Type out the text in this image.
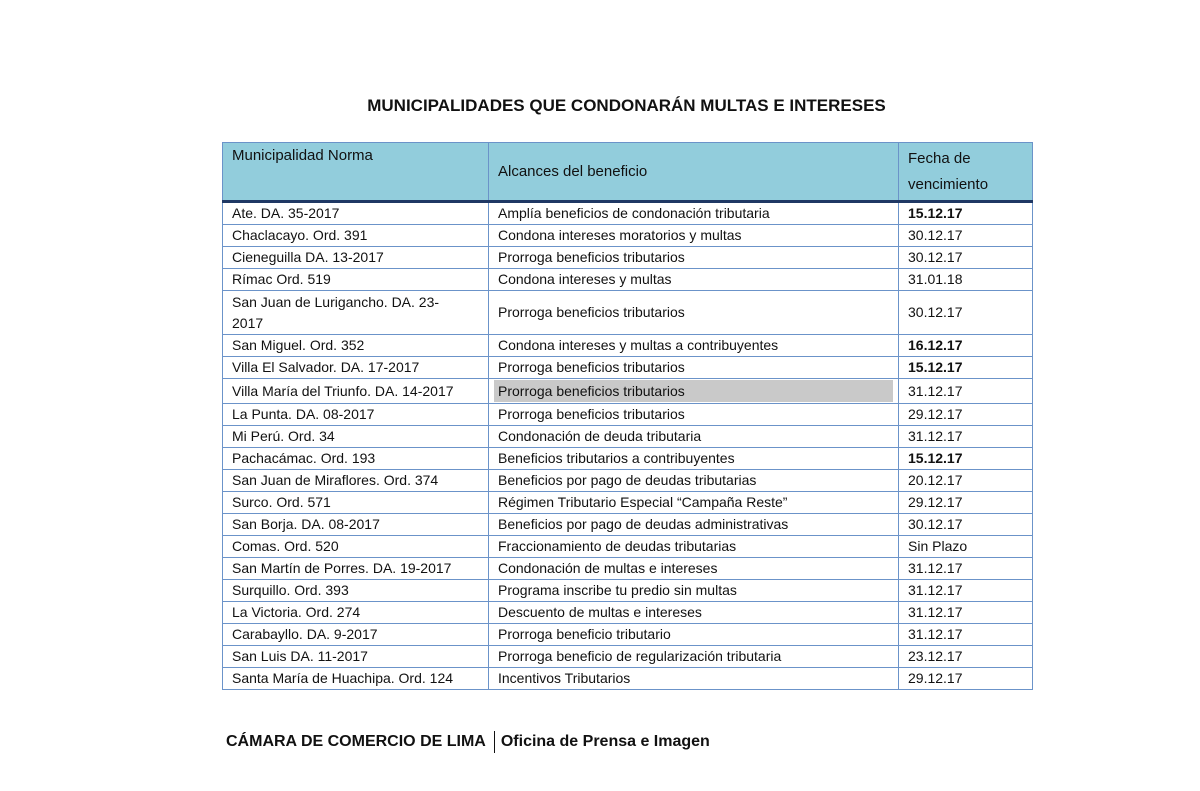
MUNICIPALIDADES QUE CONDONARÁN MULTAS E INTERESES
Municipalidad Norma	Alcances del beneficio	Fecha de
vencimiento

Ate. DA. 35-2017	Amplía beneficios de condonación tributaria	15.12.17
Chaclacayo. Ord. 391	Condona intereses moratorios y multas	30.12.17
Cieneguilla DA. 13-2017	Prorroga beneficios tributarios	30.12.17
Rímac Ord. 519	Condona intereses y multas	31.01.18

San Juan de Lurigancho. DA. 23-
2017	Prorroga beneficios tributarios	30.12.17
San Miguel. Ord. 352	Condona intereses y multas a contribuyentes	16.12.17
Villa El Salvador. DA. 17-2017	Prorroga beneficios tributarios	15.12.17
Villa María del Triunfo. DA. 14-2017	Prorroga beneficios tributarios	31.12.17
La Punta. DA. 08-2017	Prorroga beneficios tributarios	29.12.17
Mi Perú. Ord. 34	Condonación de deuda tributaria	31.12.17
Pachacámac. Ord. 193	Beneficios tributarios a contribuyentes	15.12.17
San Juan de Miraflores. Ord. 374	Beneficios por pago de deudas tributarias	20.12.17
Surco. Ord. 571	Régimen Tributario Especial “Campaña Reste”	29.12.17
San Borja. DA. 08-2017	Beneficios por pago de deudas administrativas	30.12.17
Comas. Ord. 520	Fraccionamiento de deudas tributarias	Sin Plazo
San Martín de Porres. DA. 19-2017	Condonación de multas e intereses	31.12.17
Surquillo. Ord. 393	Programa inscribe tu predio sin multas	31.12.17
La Victoria. Ord. 274	Descuento de multas e intereses	31.12.17
Carabayllo. DA. 9-2017	Prorroga beneficio tributario	31.12.17
San Luis DA. 11-2017	Prorroga beneficio de regularización tributaria	23.12.17
Santa María de Huachipa. Ord. 124	Incentivos Tributarios	29.12.17
CÁMARA DE COMERCIO DE LIMA Oficina de Prensa e Imagen
